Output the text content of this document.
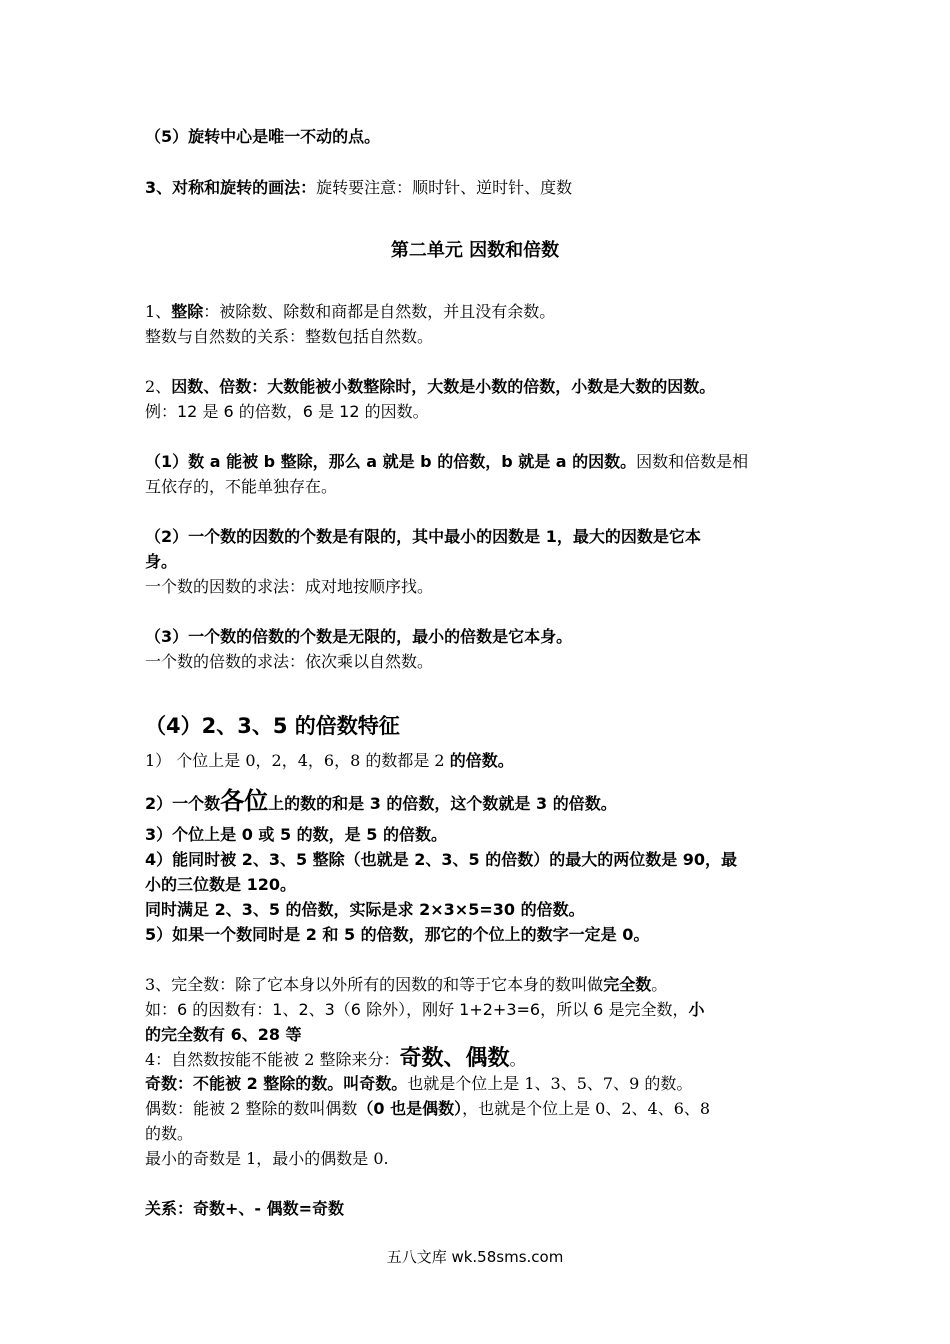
（5）旋转中心是唯一不动的点。
3、对称和旋转的画法：旋转要注意：顺时针、逆时针、度数
第二单元 因数和倍数
1、整除：被除数、除数和商都是自然数，并且没有余数。
整数与自然数的关系：整数包括自然数。
2、因数、倍数：大数能被小数整除时，大数是小数的倍数，小数是大数的因数。
例：12 是 6 的倍数，6 是 12 的因数。
（1）数 a 能被 b 整除，那么 a 就是 b 的倍数，b 就是 a 的因数。因数和倍数是相
互依存的，不能单独存在。
（2）一个数的因数的个数是有限的，其中最小的因数是 1，最大的因数是它本
身。
一个数的因数的求法：成对地按顺序找。
（3）一个数的倍数的个数是无限的，最小的倍数是它本身。
一个数的倍数的求法：依次乘以自然数。
（4）2、3、5 的倍数特征
1） 个位上是 0，2，4，6，8 的数都是 2 的倍数。
2）一个数各位上的数的和是 3 的倍数，这个数就是 3 的倍数。
3）个位上是 0 或 5 的数，是 5 的倍数。
4）能同时被 2、3、5 整除（也就是 2、3、5 的倍数）的最大的两位数是 90，最
小的三位数是 120。
同时满足 2、3、5 的倍数，实际是求 2×3×5=30 的倍数。
5）如果一个数同时是 2 和 5 的倍数，那它的个位上的数字一定是 0。
3、完全数：除了它本身以外所有的因数的和等于它本身的数叫做完全数。
如：6 的因数有：1、2、3（6 除外），刚好 1+2+3=6，所以 6 是完全数，小
的完全数有 6、28 等
4：自然数按能不能被 2 整除来分：奇数、偶数。
奇数：不能被 2 整除的数。叫奇数。也就是个位上是 1、3、5、7、9 的数。
偶数：能被 2 整除的数叫偶数（0 也是偶数），也就是个位上是 0、2、4、6、8
的数。
最小的奇数是 1，最小的偶数是 0.
关系：奇数+、- 偶数=奇数
五八文库 wk.58sms.com
